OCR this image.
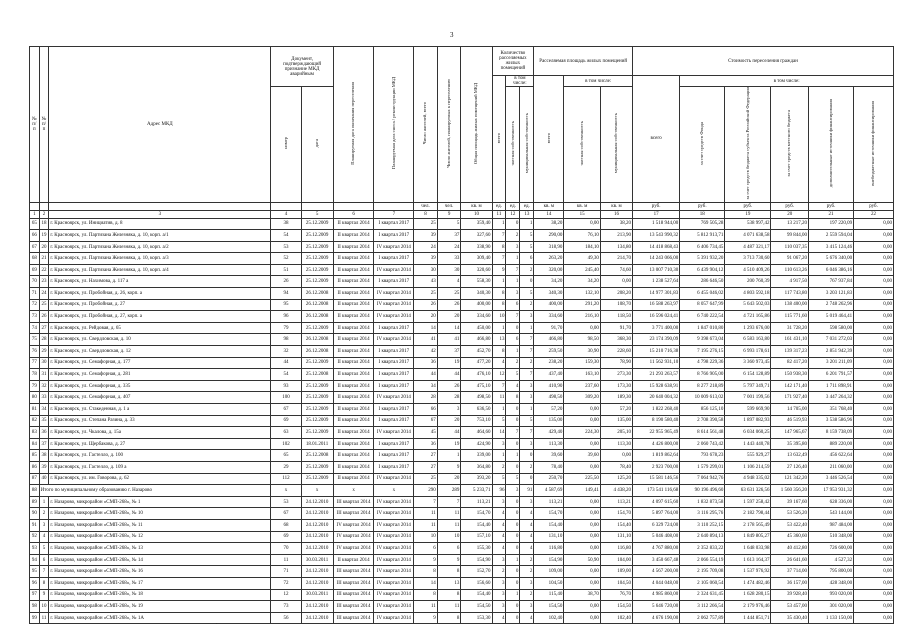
3
№ п/п	№ п/п	Адрес МКД	Документ, подтверждающий признание МКД аварийным		Планируемая дата окончания переселения	Планируемая дата сноса / реконструкции МКД	Число жителей, всего	Число жителей, планируемых к переселению	Общая площадь жилых помещений МКД	Количество расселяемых жилых помещений			Расселяемая площадь жилых помещений			Стоимость переселения граждан					
										всего	в том числе:		всего	в том числе:		всего	в том числе:				
			номер	дата							частная собственность	муниципальная собственность		частная собственность	муниципальная собственность		за счет средств Фонда	за счет средств бюджета субъекта Российской Федерации	за счет средств местного бюджета	дополнительные источники финансирования	внебюджетные источники финансирования
							чел.	чел.	кв. м	ед.	ед.	ед.	кв. м	кв. м	кв. м	руб.	руб.	руб.	руб.	руб.	руб.
1	2	3	4	5	6	7	8	9	10	11	12	13	14	15	16	17	18	19	20	21	22
65	18	г. Красноярск, ул. Инициатив, д. 8	38	25.12.2009	II квартал 2014	I квартал 2017	25	5	359,40	1	0	1	38,20	0,00	38,20	1 518 944,00	769 505,28	538 997,42	13 217,20	197 220,09	0,00
66	19	г. Красноярск, ул. Партизана Железняка, д. 10, корп. а/1	54	25.12.2009	II квартал 2014	I квартал 2017	39	37	327,60	7	2	5	290,00	76,10	213,90	13 543 990,32	5 812 913,71	4 071 638,58	99 844,00	2 559 594,04	0,00
67	20	г. Красноярск, ул. Партизана Железняка, д. 10, корп. а/2	53	25.12.2009	II квартал 2014	IV квартал 2014	24	24	338,90	8	3	5	318,90	184,10	134,80	14 418 868,43	6 406 734,45	4 487 321,17	110 037,35	3 415 124,46	0,00
68	21	г. Красноярск, ул. Партизана Железняка, д. 10, корп. а/3	52	25.12.2009	II квартал 2014	I квартал 2017	39	33	309,40	7	1	6	263,20	49,30	214,70	14 243 066,00	5 391 932,20	3 713 730,60	91 067,20	5 676 340,00	0,00
69	22	г. Красноярск, ул. Партизана Железняка, д. 10, корп. а/4	51	25.12.2009	II квартал 2014	IV квартал 2014	30	30	320,60	9	7	2	320,00	245,40	74,60	13 007 710,30	6 439 904,12	4 510 409,26	110 613,26	6 046 386,16	0,00
70	23	г. Красноярск, ул. Нахимова, д. 117 а	26	25.12.2009	II квартал 2014	I квартал 2017	43	4	558,30	1	1	0	34,20	34,20	0,00	1 238 527,64	286 646,50	200 760,39	4 917,50	767 937,84	0,00
71	24	г. Красноярск, ул. Пробойная, д. 26, корп. а	94	26.12.2008	II квартал 2014	IV квартал 2014	25	25	340,30	8	3	5	340,30	132,10	208,20	14 977 301,83	6 455 046,02	4 803 592,18	117 743,80	3 203 121,83	0,00
72	25	г. Красноярск, ул. Пробойная, д. 27	95	26.12.2008	II квартал 2014	IV квартал 2014	26	26	400,00	8	6	2	400,00	291,20	108,70	16 588 263,97	8 057 647,99	5 643 502,03	138 400,00	2 748 262,96	0,00
73	26	г. Красноярск, ул. Пробойная, д. 27, корп. а	96	26.12.2008	II квартал 2014	IV квартал 2014	20	20	334,60	10	7	3	334,60	216,10	118,50	16 596 024,41	6 740 222,54	4 721 165,86	115 771,60	5 019 464,41	0,00
74	27	г. Красноярск, ул. Рейдовая, д. 65	79	25.12.2009	II квартал 2014	I квартал 2017	14	14	450,00	1	0	1	91,70	0,00	91,70	3 771 400,00	1 847 010,80	1 293 676,00	31 728,20	598 580,00	0,00
75	28	г. Красноярск, ул. Свердловская, д. 10	98	26.12.2008	II квартал 2014	IV квартал 2014	41	41	466,80	13	6	7	466,80	98,50	368,30	23 174 390,09	9 398 673,04	6 583 163,80	161 431,10	7 031 272,03	0,00
76	29	г. Красноярск, ул. Свердловская, д. 12	32	26.12.2008	II квартал 2014	I квартал 2017	42	37	452,70	8	1	7	259,50	30,90	228,60	15 210 716,38	7 195 276,15	6 993 178,61	139 317,23	2 851 942,39	0,00
77	30	г. Красноярск, ул. Семафорная, д. 177	44	25.12.2009	II квартал 2014	I квартал 2017	36	19	477,20	4	2	2	238,20	159,30	78,90	11 562 931,10	4 798 229,36	3 360 973,45	82 417,20	3 201 211,09	0,00
78	31	г. Красноярск, ул. Семафорная, д. 281	54	25.12.2008	II квартал 2014	I квартал 2017	44	44	476,10	12	5	7	437,40	163,10	273,30	21 293 263,57	8 766 905,00	6 154 128,89	150 938,30	6 201 791,57	0,00
79	32	г. Красноярск, ул. Семафорная, д. 335	93	25.12.2009	II квартал 2014	I квартал 2017	34	26	475,10	7	4	3	410,90	237,60	173,30	15 928 638,91	8 277 218,89	5 797 349,71	142 171,40	1 711 898,91	0,00
80	33	г. Красноярск, ул. Семафорная, д. 407	100	25.12.2009	II квартал 2014	IV квартал 2014	28	28	498,50	11	8	3	498,50	309,20	189,30	20 640 004,32	10 009 613,02	7 001 199,56	171 927,40	3 447 264,32	0,00
81	34	г. Красноярск, ул. Стакеденная, д. 1 а	67	25.12.2009	II квартал 2014	I квартал 2017	66	3	636,50	1	0	1	57,20	0,00	57,20	1 822 268,40	856 125,10	599 669,90	14 705,00	351 768,40	0,00
82	35	г. Красноярск, ул. Степана Разина, д. 33	69	25.12.2009	II квартал 2014	I квартал 2017	67	20	753,10	5	0	5	135,00	0,00	135,00	8 190 580,40	2 708 390,58	1 897 082,93	46 519,93	3 538 586,96	0,00
83	36	г. Красноярск, ул. Чкалова, д. 15а	63	25.12.2009	II квартал 2014	IV квартал 2014	45	44	464,60	14	7	7	429,40	224,30	205,10	22 955 965,49	8 614 561,48	6 034 060,25	147 965,67	8 159 738,09	0,00
84	37	г. Красноярск, ул. Щербакова, д. 27	102	18.01.2011	II квартал 2014	I квартал 2017	36	19	424,90	3	0	3	113,30	0,00	113,30	4 426 800,00	2 060 743,42	1 443 440,78	35 395,80	889 220,00	0,00
85	38	г. Красноярск, ул. Гастелло, д. 100	65	25.12.2008	II квартал 2014	I квартал 2017	27	1	339,00	1	1	0	39,60	39,60	0,00	1 819 862,64	793 678,23	555 929,27	13 632,49	456 622,64	0,00
86	39	г. Красноярск, ул. Гастелло, д. 109 а	29	25.12.2009	II квартал 2014	I квартал 2017	27	9	364,80	2	0	2	78,40	0,00	78,40	2 923 700,00	1 579 299,01	1 106 214,59	27 126,40	211 060,00	0,00
87	40	г. Красноярск, ул. им. Говорова, д. 62	112	25.12.2009	II квартал 2014	IV квартал 2014	25	20	393,20	5	5	0	250,70	225,50	125,20	15 581 146,56	7 064 942,76	4 948 335,02	121 342,20	3 446 526,54	0,00
88	Итого по муниципальному образованию г. Назарово		х	х	х	х	290	289	5 233,71	96	3	91	4 587,69	149,41	4 438,20	173 541 116,68	90 196 496,60	63 631 326,56	1 560 356,20	17 953 931,32	0,00
89	1	г. Назарово, микрорайон «СМП-268», № 1	53	24.12.2010	III квартал 2014	IV квартал 2014	7	7	113,21	3	0	3	113,21	0,00	113,21	4 097 615,60	1 832 873,58	1 597 258,42	39 167,60	628 336,00	0,00
90	2	г. Назарово, микрорайон «СМП-268», № 10	67	24.12.2010	III квартал 2014	IV квартал 2014	11	11	154,70	4	0	4	154,70	0,00	154,70	5 897 764,00	3 116 295,76	2 182 798,44	53 526,20	543 144,00	0,00
91	3	г. Назарово, микрорайон «СМП-268», № 11	68	24.12.2010	IV квартал 2014	IV квартал 2014	11	11	154,40	4	0	4	154,40	0,00	154,40	6 329 724,00	3 110 252,15	2 178 565,49	53 422,40	987 484,00	0,00
92	4	г. Назарово, микрорайон «СМП-268», № 12	69	24.12.2010	IV квартал 2014	IV квартал 2014	10	10	157,10	4	0	4	131,10	0,00	131,10	5 046 408,00	2 640 894,13	1 849 805,27	45 360,60	510 348,00	0,00
93	5	г. Назарово, микрорайон «СМП-268», № 13	70	24.12.2010	IV квартал 2014	IV квартал 2014	6	6	155,30	4	0	4	116,80	0,00	116,80	4 767 880,00	2 352 833,22	1 648 033,98	40 412,80	726 600,00	0,00
94	6	г. Назарово, микрорайон «СМП-268», № 14	11	30.03.2011	II квартал 2014	IV квартал 2014	9	9	154,90	3	1	2	154,90	50,90	104,00	3 450 667,48	2 066 554,19	1 613 164,37	26 641,60	4 527,32	0,00
95	7	г. Назарово, микрорайон «СМП-268», № 16	71	24.12.2010	III квартал 2014	IV квартал 2014	8	8	152,70	2	0	2	109,00	0,00	109,00	4 567 200,00	2 195 709,08	1 537 976,92	37 714,00	795 800,00	0,00
96	8	г. Назарово, микрорайон «СМП-268», № 17	72	24.12.2010	III квартал 2014	IV квартал 2014	14	13	156,60	3	0	3	104,50	0,00	104,50	4 044 048,00	2 105 060,54	1 474 482,46	36 157,00	428 348,00	0,00
97	9	г. Назарово, микрорайон «СМП-268», № 18	12	30.03.2011	III квартал 2014	IV квартал 2014	8	8	154,40	3	1	2	115,40	38,70	76,70	4 985 860,00	2 324 631,45	1 628 280,15	39 928,40	993 020,00	0,00
98	10	г. Назарово, микрорайон «СМП-268», № 19	73	24.12.2010	III квартал 2014	IV квартал 2014	11	11	154,50	3	0	3	154,50	0,00	154,50	5 646 720,00	3 112 266,54	2 179 976,46	53 457,00	301 020,00	0,00
99	11	г. Назарово, микрорайон «СМП-268», № 1А	56	24.12.2010	III квартал 2014	IV квартал 2014	9	8	153,30	4	0	4	102,40	0,00	102,40	4 676 190,00	2 062 757,89	1 444 851,71	35 430,40	1 133 150,00	0,00
·
